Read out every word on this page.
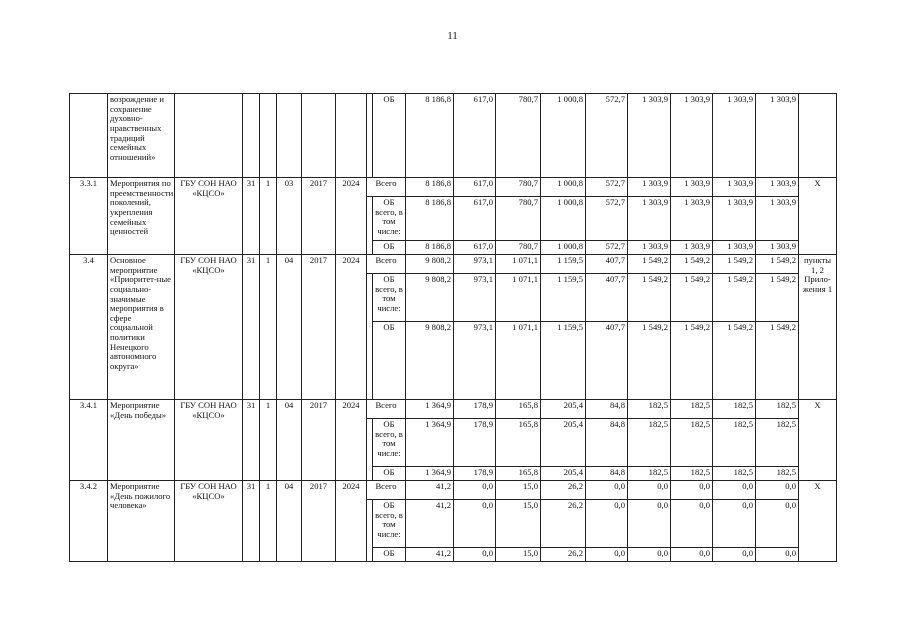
11
	возрождение и сохранение духовно-нравственных традиций семейных отношений»								ОБ	8 186,8	617,0	780,7	1 000,8	572,7	1 303,9	1 303,9	1 303,9	1 303,9	
3.3.1	Мероприятия по преемственности поколений, укрепления семейных ценностей	ГБУ СОН НАО «КЦСО»	31	1	03	2017	2024	Всего		8 186,8	617,0	780,7	1 000,8	572,7	1 303,9	1 303,9	1 303,9	1 303,9	Х
									ОБ всего, в том числе:	8 186,8	617,0	780,7	1 000,8	572,7	1 303,9	1 303,9	1 303,9	1 303,9	
									ОБ	8 186,8	617,0	780,7	1 000,8	572,7	1 303,9	1 303,9	1 303,9	1 303,9	
3.4	Основное мероприятие «Приоритет-ные социально-значимые мероприятия в сфере социальной политики Ненецкого автономного округа»	ГБУ СОН НАО «КЦСО»	31	1	04	2017	2024	Всего		9 808,2	973,1	1 071,1	1 159,5	407,7	1 549,2	1 549,2	1 549,2	1 549,2	пункты 1, 2 Прило-жения 1
									ОБ всего, в том числе:	9 808,2	973,1	1 071,1	1 159,5	407,7	1 549,2	1 549,2	1 549,2	1 549,2	
									ОБ	9 808,2	973,1	1 071,1	1 159,5	407,7	1 549,2	1 549,2	1 549,2	1 549,2	
3.4.1	Мероприятие «День победы»	ГБУ СОН НАО «КЦСО»	31	1	04	2017	2024	Всего		1 364,9	178,9	165,8	205,4	84,8	182,5	182,5	182,5	182,5	Х
									ОБ всего, в том числе:	1 364,9	178,9	165,8	205,4	84,8	182,5	182,5	182,5	182,5	
									ОБ	1 364,9	178,9	165,8	205,4	84,8	182,5	182,5	182,5	182,5	
3.4.2	Мероприятие «День пожилого человека»	ГБУ СОН НАО «КЦСО»	31	1	04	2017	2024	Всего		41,2	0,0	15,0	26,2	0,0	0,0	0,0	0,0	0,0	Х
									ОБ всего, в том числе:	41,2	0,0	15,0	26,2	0,0	0,0	0,0	0,0	0,0	
									ОБ	41,2	0,0	15,0	26,2	0,0	0,0	0,0	0,0	0,0	
